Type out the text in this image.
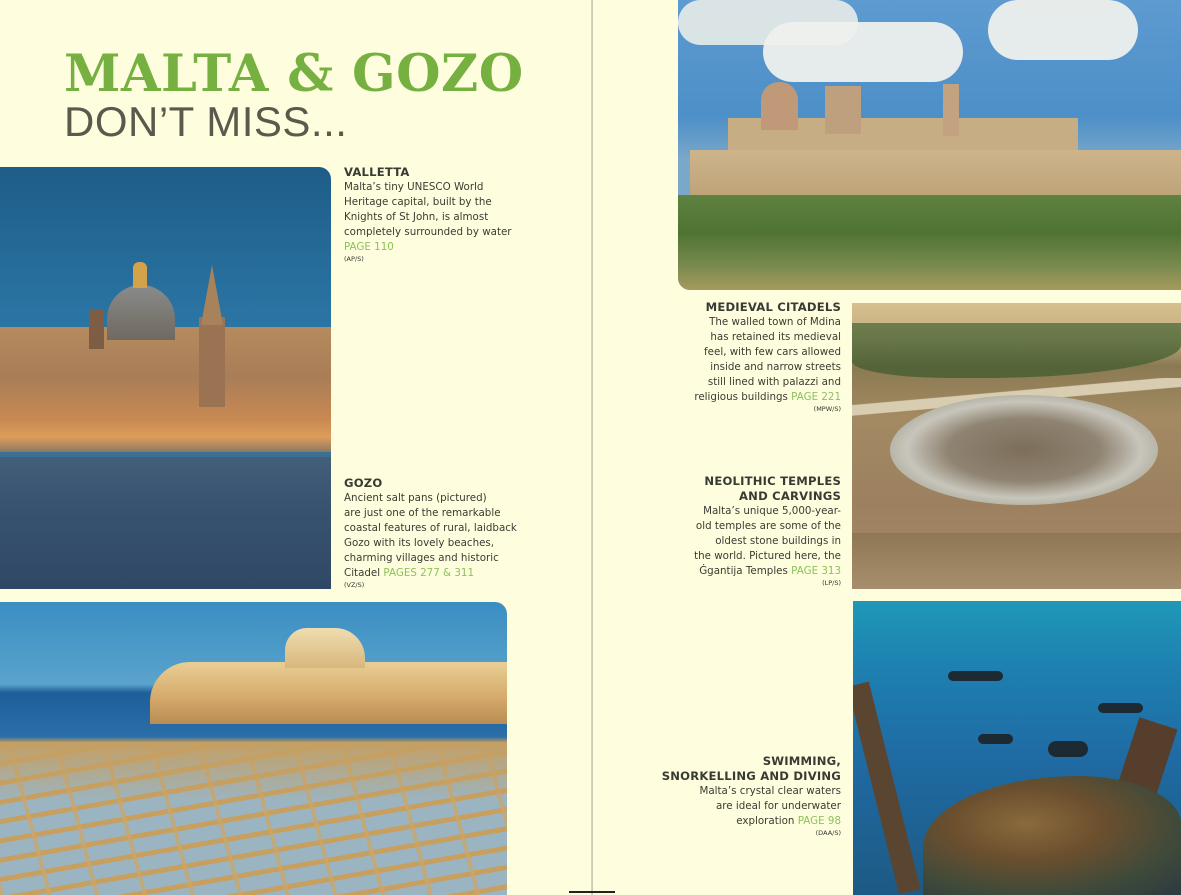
MALTA & GOZO
DON’T MISS...
VALLETTA
Malta’s tiny UNESCO World
Heritage capital, built by the
Knights of St John, is almost
completely surrounded by water
PAGE 110
(AP/S)
GOZO
Ancient salt pans (pictured)
are just one of the remarkable
coastal features of rural, laidback
Gozo with its lovely beaches,
charming villages and historic
Citadel PAGES 277 & 311
(VZ/S)
MEDIEVAL CITADELS
The walled town of Mdina
has retained its medieval
feel, with few cars allowed
inside and narrow streets
still lined with palazzi and
religious buildings PAGE 221
(MPW/S)
NEOLITHIC TEMPLES
AND CARVINGS
Malta’s unique 5,000-year-
old temples are some of the
oldest stone buildings in
the world. Pictured here, the
Ġgantija Temples PAGE 313
(LP/S)
SWIMMING,
SNORKELLING AND DIVING
Malta’s crystal clear waters
are ideal for underwater
exploration PAGE 98
(DAA/S)
